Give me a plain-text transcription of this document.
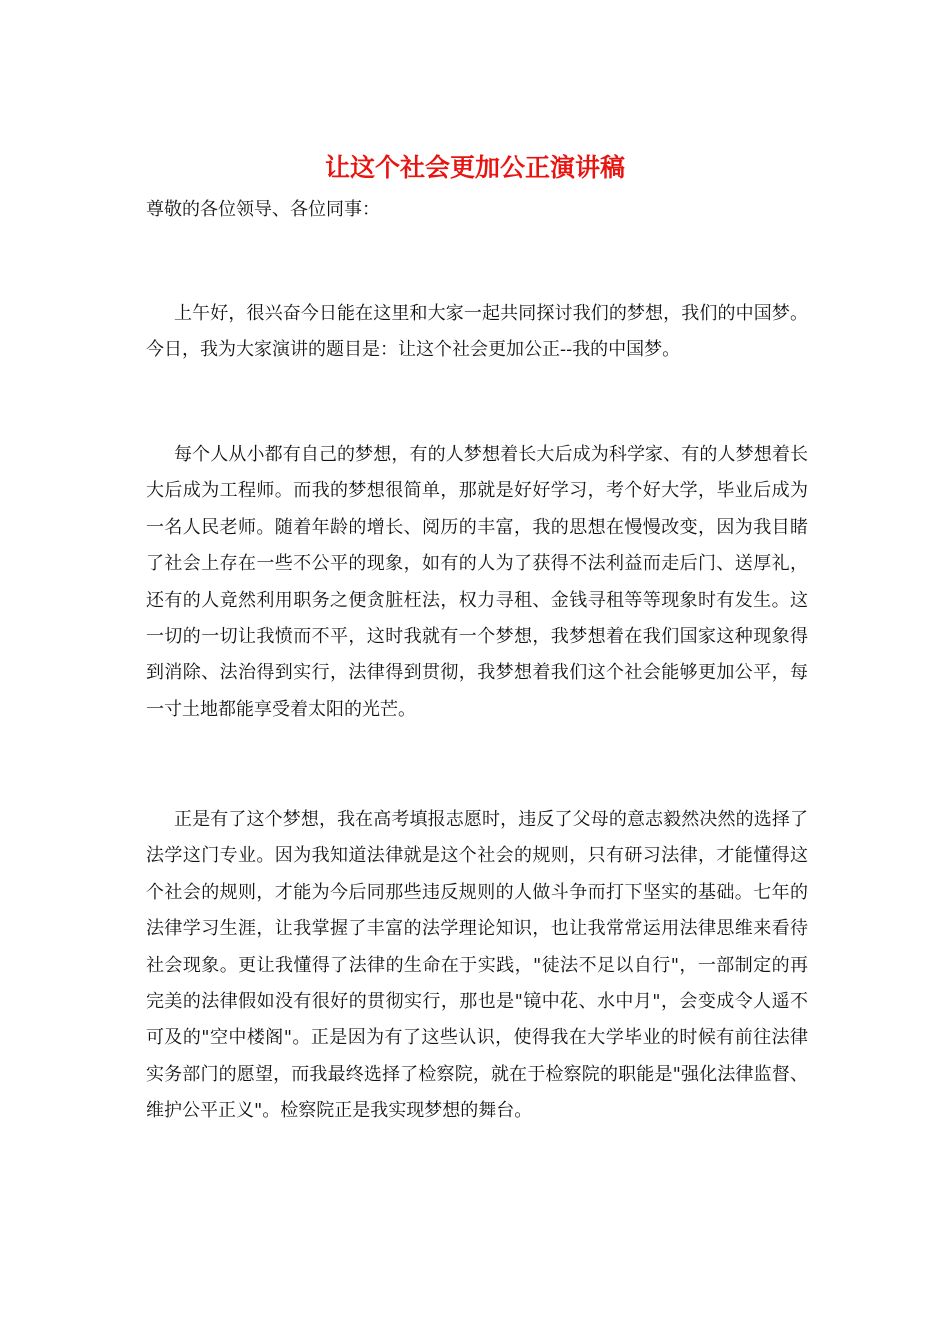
让这个社会更加公正演讲稿
尊敬的各位领导、各位同事：

上午好，很兴奋今日能在这里和大家一起共同探讨我们的梦想，我们的中国梦。今日，我为大家演讲的题目是：让这个社会更加公正--我的中国梦。

每个人从小都有自己的梦想，有的人梦想着长大后成为科学家、有的人梦想着长大后成为工程师。而我的梦想很简单，那就是好好学习，考个好大学，毕业后成为一名人民老师。随着年龄的增长、阅历的丰富，我的思想在慢慢改变，因为我目睹了社会上存在一些不公平的现象，如有的人为了获得不法利益而走后门、送厚礼，还有的人竟然利用职务之便贪脏枉法，权力寻租、金钱寻租等等现象时有发生。这一切的一切让我愤而不平，这时我就有一个梦想，我梦想着在我们国家这种现象得到消除、法治得到实行，法律得到贯彻，我梦想着我们这个社会能够更加公平，每一寸土地都能享受着太阳的光芒。

正是有了这个梦想，我在高考填报志愿时，违反了父母的意志毅然决然的选择了法学这门专业。因为我知道法律就是这个社会的规则，只有研习法律，才能懂得这个社会的规则，才能为今后同那些违反规则的人做斗争而打下坚实的基础。七年的法律学习生涯，让我掌握了丰富的法学理论知识，也让我常常运用法律思维来看待社会现象。更让我懂得了法律的生命在于实践，"徒法不足以自行"，一部制定的再完美的法律假如没有很好的贯彻实行，那也是"镜中花、水中月"，会变成令人遥不可及的"空中楼阁"。正是因为有了这些认识，使得我在大学毕业的时候有前往法律实务部门的愿望，而我最终选择了检察院，就在于检察院的职能是"强化法律监督、维护公平正义"。检察院正是我实现梦想的舞台。
